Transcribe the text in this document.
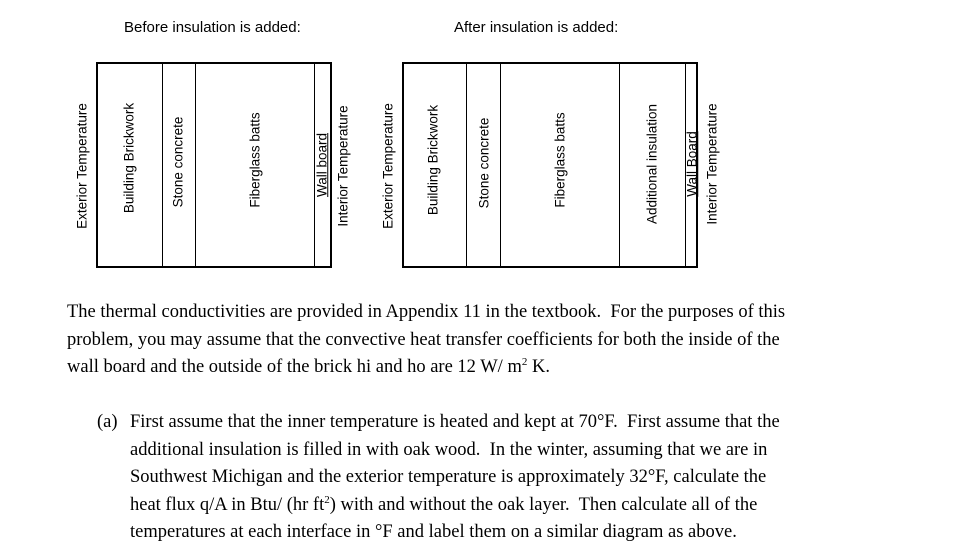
Before insulation is added:	After insulation is added:
Exterior Temperature Building Brickwork	Stone concrete	Fiberglass batts	Wall board Interior Temperature Exterior Temperature Building Brickwork	Stone concrete	Fiberglass batts	Additional insulation Wall Board Interior Temperature
The thermal conductivities are provided in Appendix 11 in the textbook.  For the purposes of this
problem, you may assume that the convective heat transfer coefficients for both the inside of the
wall board and the outside of the brick hi and ho are 12 W/ $m^2$ K.
(a) First assume that the inner temperature is heated and kept at 70°F.  First assume that the
additional insulation is filled in with oak wood.  In the winter, assuming that we are in
Southwest Michigan and the exterior temperature is approximately 32°F, calculate the
heat flux q/A in Btu/ (hr $ft^2$) with and without the oak layer.  Then calculate all of the
temperatures at each interface in °F and label them on a similar diagram as above.
